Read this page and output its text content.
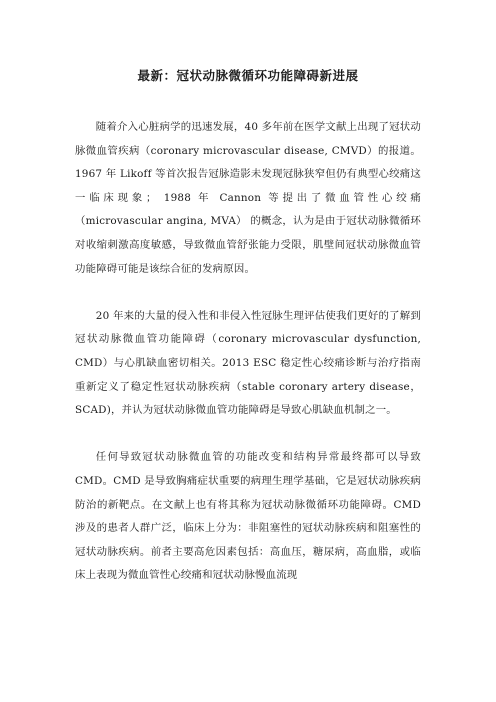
最新：冠状动脉微循环功能障碍新进展

随着介入心脏病学的迅速发展，40 多年前在医学文献上出现了冠状动脉微血管疾病（coronary microvascular disease, CMVD）的报道。1967 年 Likoff 等首次报告冠脉造影未发现冠脉狭窄但仍有典型心绞痛这一临床现象； 1988 年 Cannon 等提出了微血管性心绞痛（microvascular angina, MVA） 的概念，认为是由于冠状动脉微循环对收缩刺激高度敏感，导致微血管舒张能力受限，肌壁间冠状动脉微血管功能障碍可能是该综合征的发病原因。

20 年来的大量的侵入性和非侵入性冠脉生理评估使我们更好的了解到冠状动脉微血管功能障碍（coronary microvascular dysfunction, CMD）与心肌缺血密切相关。2013 ESC 稳定性心绞痛诊断与治疗指南重新定义了稳定性冠状动脉疾病（stable coronary artery disease，SCAD)，并认为冠状动脉微血管功能障碍是导致心肌缺血机制之一。

任何导致冠状动脉微血管的功能改变和结构异常最终都可以导致 CMD。CMD 是导致胸痛症状重要的病理生理学基础，它是冠状动脉疾病防治的新靶点。在文献上也有将其称为冠状动脉微循环功能障碍。CMD 涉及的患者人群广泛，临床上分为：非阻塞性的冠状动脉疾病和阻塞性的冠状动脉疾病。前者主要高危因素包括：高血压，糖尿病，高血脂，或临床上表现为微血管性心绞痛和冠状动脉慢血流现
